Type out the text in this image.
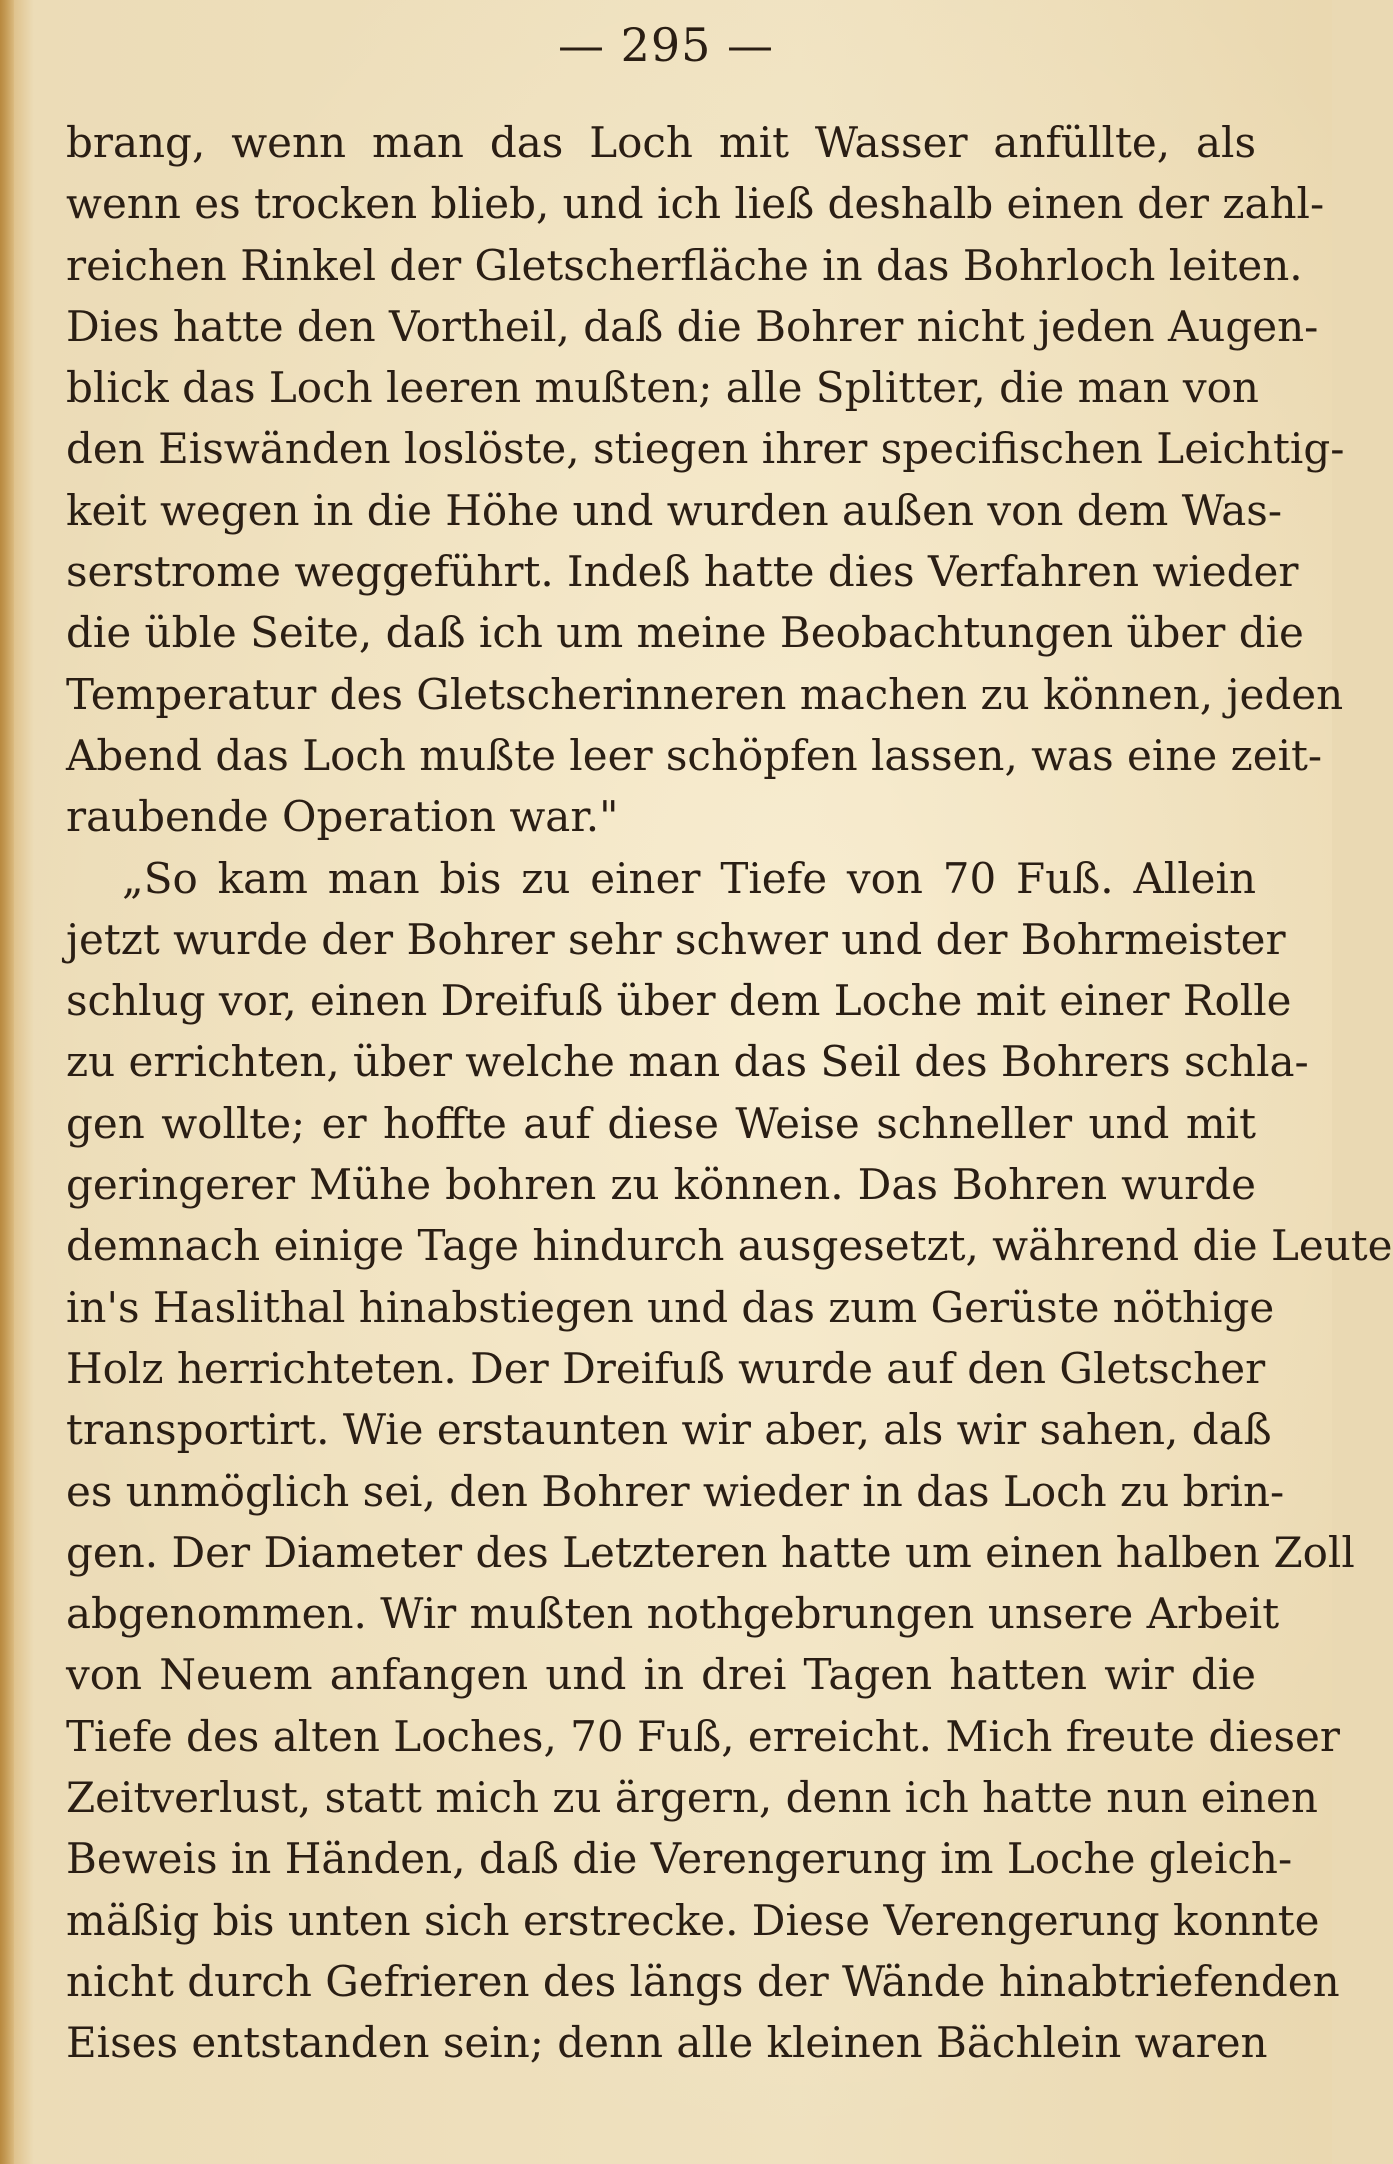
— 295 —
brang, wenn man das Loch mit Wasser anfüllte, als
wenn es trocken blieb, und ich ließ deshalb einen der zahl-
reichen Rinkel der Gletscherfläche in das Bohrloch leiten.
Dies hatte den Vortheil, daß die Bohrer nicht jeden Augen-
blick das Loch leeren mußten; alle Splitter, die man von
den Eiswänden loslöste, stiegen ihrer specifischen Leichtig-
keit wegen in die Höhe und wurden außen von dem Was-
serstrome weggeführt. Indeß hatte dies Verfahren wieder
die üble Seite, daß ich um meine Beobachtungen über die
Temperatur des Gletscherinneren machen zu können, jeden
Abend das Loch mußte leer schöpfen lassen, was eine zeit-
raubende Operation war."
„So kam man bis zu einer Tiefe von 70 Fuß. Allein
jetzt wurde der Bohrer sehr schwer und der Bohrmeister
schlug vor, einen Dreifuß über dem Loche mit einer Rolle
zu errichten, über welche man das Seil des Bohrers schla-
gen wollte; er hoffte auf diese Weise schneller und mit
geringerer Mühe bohren zu können. Das Bohren wurde
demnach einige Tage hindurch ausgesetzt, während die Leute
in's Haslithal hinabstiegen und das zum Gerüste nöthige
Holz herrichteten. Der Dreifuß wurde auf den Gletscher
transportirt. Wie erstaunten wir aber, als wir sahen, daß
es unmöglich sei, den Bohrer wieder in das Loch zu brin-
gen. Der Diameter des Letzteren hatte um einen halben Zoll
abgenommen. Wir mußten nothgebrungen unsere Arbeit
von Neuem anfangen und in drei Tagen hatten wir die
Tiefe des alten Loches, 70 Fuß, erreicht. Mich freute dieser
Zeitverlust, statt mich zu ärgern, denn ich hatte nun einen
Beweis in Händen, daß die Verengerung im Loche gleich-
mäßig bis unten sich erstrecke. Diese Verengerung konnte
nicht durch Gefrieren des längs der Wände hinabtriefenden
Eises entstanden sein; denn alle kleinen Bächlein waren
